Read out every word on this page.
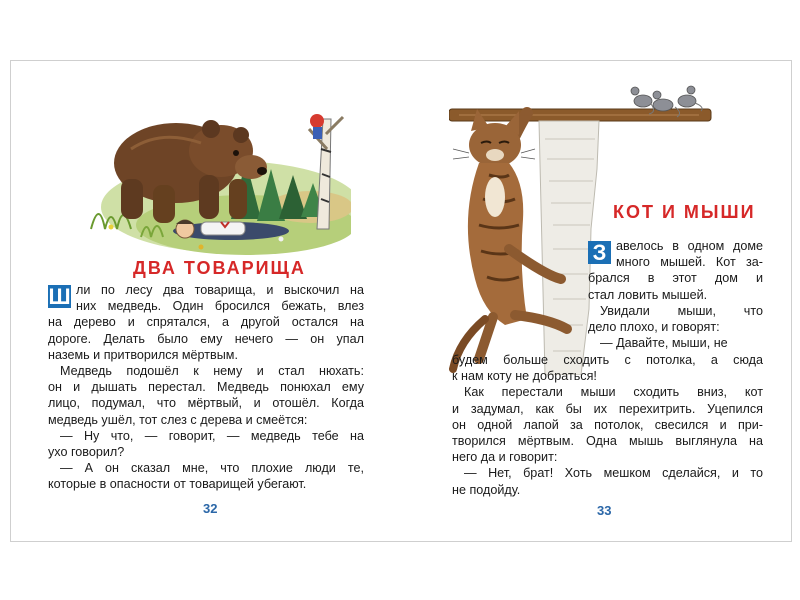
ДВА ТОВАРИЩА
Ш ли по лесу два товарища, и выскочил на

них медведь. Один бросился бежать, влез

на дерево и спрятался, а другой остался на

дороге. Делать было ему нечего — он упал

наземь и притворился мёртвым.

Медведь подошёл к нему и стал нюхать:

он и дышать перестал. Медведь понюхал ему

лицо, подумал, что мёртвый, и отошёл. Когда

медведь ушёл, тот слез с дерева и смеётся:

— Ну что, — говорит, — медведь тебе на

ухо говорил?

— А он сказал мне, что плохие люди те,

которые в опасности от товарищей убегают.

32

КОТ И МЫШИ
З авелось в одном доме

много мышей. Кот за-

брался в этот дом и

стал ловить мышей.

Увидали мыши, что

дело плохо, и говорят:

— Давайте, мыши, не

будем больше сходить с потолка, а сюда

к нам коту не добраться!

Как перестали мыши сходить вниз, кот

и задумал, как бы их перехитрить. Уцепился

он одной лапой за потолок, свесился и при-

творился мёртвым. Одна мышь выглянула на

него да и говорит:

— Нет, брат! Хоть мешком сделайся, и то

не подойду.

33
